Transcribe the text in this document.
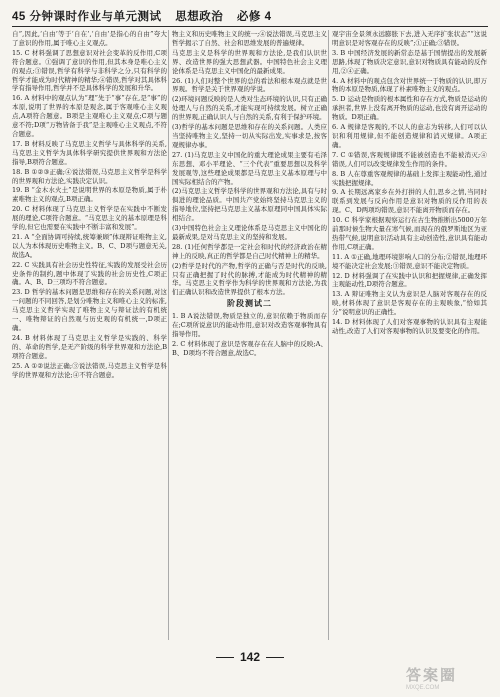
45 分钟课时作业与单元测试 思想政治 必修 4

自”,因此,‘自由’等于‘自在’,‘自由’是指心的自由”夸大了意识的作用,属于唯心主义观点。

15. C 材料强调了思想意识对社会变革的反作用,C项符合题意。①强调了意识的作用,但其本身是唯心主义的观点;③错误,哲学有科学与非科学之分,只有科学的哲学才能成为时代精神的精华;④错误,哲学对其具体科学有指导作用,哲学并不是具体科学的发展和升华。

16. A 材料中的观点认为“理”先于“事”存在,是“事”的本原,说明了世界的本原是观念,属于客观唯心主义观点,A项符合题意。B项是主观唯心主义观点;C项与题意不符;D项“万物皆备于我”是主观唯心主义观点,不符合题意。

17. B 材料反映了马克思主义哲学与具体科学的关系,马克思主义哲学为具体科学研究提供世界观和方法论指导,B项符合题意。

18. B ①②③正确;④说法错误,马克思主义哲学是科学的世界观和方法论,实践决定认识。

19. B “金木水火土”是说明世界的本原是物质,属于朴素唯物主义的观点,B项正确。

20. C 材料体现了马克思主义哲学是在实践中不断发展的理论,C项符合题意。“马克思主义的基本原理是科学的,但它也需要在实践中不断丰富和发展”。

21. A “全面协调可持续,统筹兼顾”体现辩证唯物主义,以人为本体现历史唯物主义。B、C、D项与题意无关,故选A。

22. C 实践具有社会历史性特征,实践的发展受社会历史条件的制约,题中体现了实践的社会历史性,C项正确。A、B、D三项均不符合题意。

23. D 哲学的基本问题是思维和存在的关系问题,对这一问题的不同回答,是划分唯物主义和唯心主义的标准,马克思主义哲学实现了唯物主义与辩证法的有机统一、唯物辩证的自然观与历史观的有机统一,D项正确。

24. B 材料体现了马克思主义哲学是实践的、科学的、革命的哲学,是无产阶级的科学世界观和方法论,B项符合题意。

25. A ①②说法正确;③说法错误,马克思主义哲学是科学的世界观和方法论;④不符合题意。

物主义和历史唯物主义的统一;④说法错误,马克思主义哲学揭示了自然、社会和思维发展的普遍规律。

马克思主义是科学的世界观和方法论,是我们认识世界、改造世界的强大思想武器。中国特色社会主义理论体系是马克思主义中国化的最新成果。

26. (1)人们对整个世界的总的看法和根本观点就是世界观。哲学是关于世界观的学说。

(2)环境问题反映的是人类对生态环境的认识,只有正确处理人与自然的关系,才能实现可持续发展。树立正确的世界观,正确认识人与自然的关系,有利于保护环境。

(3)哲学的基本问题是思维和存在的关系问题。人类应当坚持唯物主义,坚持一切从实际出发,实事求是,按客观规律办事。

27. (1)马克思主义中国化的重大理论成果主要有毛泽东思想、邓小平理论、“三个代表”重要思想以及科学发展观等,这些理论成果都是马克思主义基本原理与中国实际相结合的产物。

(2)马克思主义哲学是科学的世界观和方法论,具有与时俱进的理论品质。中国共产党始终坚持马克思主义的指导地位,坚持把马克思主义基本原理同中国具体实际相结合。

(3)中国特色社会主义理论体系是马克思主义中国化的最新成果,是对马克思主义的坚持和发展。

28. (1)任何哲学都是一定社会和时代的经济政治在精神上的反映,真正的哲学都是自己时代精神上的精华。

(2)哲学是时代的产物,哲学的正确与否是时代的反映,只有正确把握了时代的脉搏,才能成为时代精神的精华。马克思主义哲学作为科学的世界观和方法论,为我们正确认识和改造世界提供了根本方法。

阶段测试二

1. B A说法错误,物质是独立的,意识依赖于物质而存在;C项所说意识的能动作用,意识对改造客观事物具有指导作用。

2. C 材料体现了意识是客观存在在人脑中的反映;A、B、D项均不符合题意,故选C。

观宇宙全景须永远膨胀下去,进入无序扩张状态”“这说明意识是对客观存在的反映”;①正确;③错误。

3. B 中国经济发展的新常态是基于国情提出的发展新思路,体现了物质决定意识,意识对物质具有能动的反作用,②④正确。

4. A 材料中的观点包含对世界统一于物质的认识,即万物的本原是物质,体现了朴素唯物主义的观点。

5. D 运动是物质的根本属性和存在方式,物质是运动的承担者,世界上没有离开物质的运动,也没有离开运动的物质。D项正确。

6. A 规律是客观的,不以人的意志为转移,人们可以认识和利用规律,但不能创造规律和消灭规律。A项正确。

7. C ①错误,客观规律既不能被创造也不能被消灭;④错误,人们可以改变规律发生作用的条件。

8. B 人在尊重客观规律的基础上发挥主观能动性,通过实践把握规律。

9. A 长期远离家乡在外打拼的人们,思乡之情,当同时联系到发展与反向作用是意识对物质的反作用的表现。C、D两项均错误,意识不能离开物质而存在。

10. C 科学家根据观察运行在古生物推断出5000万年前那时候生物大量在寒气候,而现在的俄罗斯地区为亚热带气候,说明意识活动具有主动创造性,意识具有能动作用,C项正确。

11. A ①正确,地理环境影响人口的分布;②错误,地理环境不能决定社会发展;③错误,意识不能决定物质。

12. D 材料强调了在实践中认识和把握规律,正确发挥主观能动性,D项符合题意。

13. A 辩证唯物主义认为意识是人脑对客观存在的反映,材料体现了意识是客观存在的主观映象,“恰如其分”说明意识的正确性。

14. D 材料体现了人们对客观事物的认识具有主观能动性,改造了人们对客观事物的认识及要变化的作用。

142
答案圈
MXQE.COM
